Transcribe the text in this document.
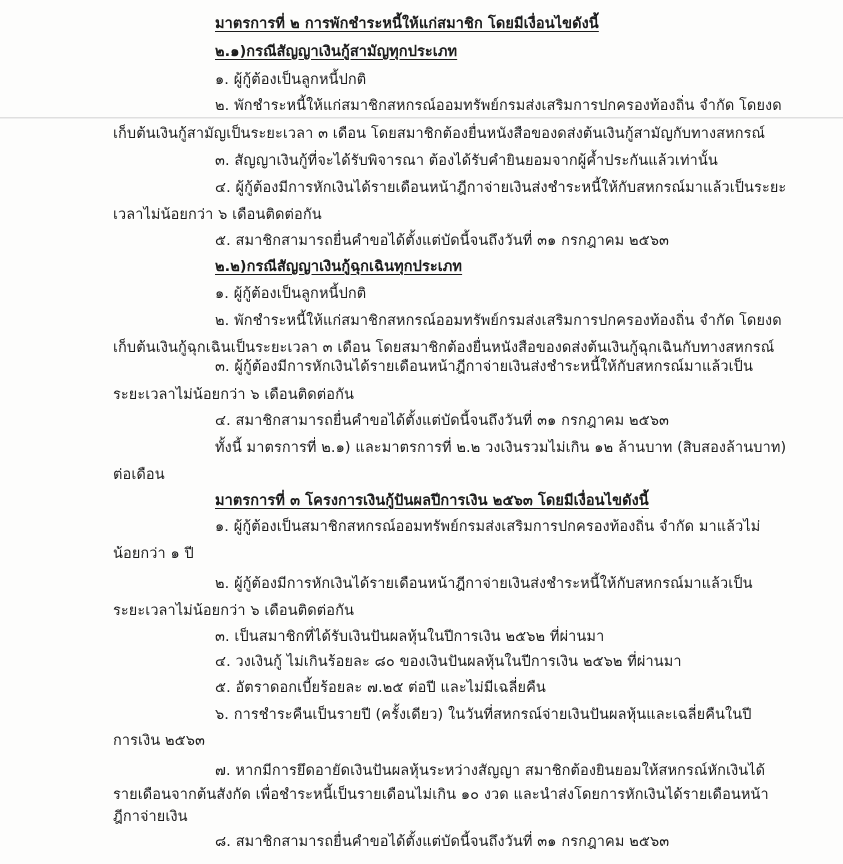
มาตรการที่ ๒ การพักชำระหนี้ให้แก่สมาชิก โดยมีเงื่อนไขดังนี้
๒.๑)กรณีสัญญาเงินกู้สามัญทุกประเภท
๑. ผู้กู้ต้องเป็นลูกหนี้ปกติ
๒. พักชำระหนี้ให้แก่สมาชิกสหกรณ์ออมทรัพย์กรมส่งเสริมการปกครองท้องถิ่น จำกัด โดยงด
เก็บต้นเงินกู้สามัญเป็นระยะเวลา ๓ เดือน โดยสมาชิกต้องยื่นหนังสือของดส่งต้นเงินกู้สามัญกับทางสหกรณ์
๓. สัญญาเงินกู้ที่จะได้รับพิจารณา ต้องได้รับคำยินยอมจากผู้ค้ำประกันแล้วเท่านั้น
๔. ผู้กู้ต้องมีการหักเงินได้รายเดือนหน้าฎีกาจ่ายเงินส่งชำระหนี้ให้กับสหกรณ์มาแล้วเป็นระยะ
เวลาไม่น้อยกว่า ๖ เดือนติดต่อกัน
๕. สมาชิกสามารถยื่นคำขอได้ตั้งแต่บัดนี้จนถึงวันที่ ๓๑ กรกฎาคม ๒๕๖๓
๒.๒)กรณีสัญญาเงินกู้ฉุกเฉินทุกประเภท
๑. ผู้กู้ต้องเป็นลูกหนี้ปกติ
๒. พักชำระหนี้ให้แก่สมาชิกสหกรณ์ออมทรัพย์กรมส่งเสริมการปกครองท้องถิ่น จำกัด โดยงด
เก็บต้นเงินกู้ฉุกเฉินเป็นระยะเวลา ๓ เดือน โดยสมาชิกต้องยื่นหนังสือของดส่งต้นเงินกู้ฉุกเฉินกับทางสหกรณ์
๓. ผู้กู้ต้องมีการหักเงินได้รายเดือนหน้าฎีกาจ่ายเงินส่งชำระหนี้ให้กับสหกรณ์มาแล้วเป็น
ระยะเวลาไม่น้อยกว่า ๖ เดือนติดต่อกัน
๔. สมาชิกสามารถยื่นคำขอได้ตั้งแต่บัดนี้จนถึงวันที่ ๓๑ กรกฎาคม ๒๕๖๓
ทั้งนี้ มาตรการที่ ๒.๑) และมาตรการที่ ๒.๒ วงเงินรวมไม่เกิน ๑๒ ล้านบาท (สิบสองล้านบาท)
ต่อเดือน
มาตรการที่ ๓ โครงการเงินกู้ปันผลปีการเงิน ๒๕๖๓ โดยมีเงื่อนไขดังนี้
๑. ผู้กู้ต้องเป็นสมาชิกสหกรณ์ออมทรัพย์กรมส่งเสริมการปกครองท้องถิ่น จำกัด มาแล้วไม่
น้อยกว่า ๑ ปี
๒. ผู้กู้ต้องมีการหักเงินได้รายเดือนหน้าฎีกาจ่ายเงินส่งชำระหนี้ให้กับสหกรณ์มาแล้วเป็น
ระยะเวลาไม่น้อยกว่า ๖ เดือนติดต่อกัน
๓. เป็นสมาชิกที่ได้รับเงินปันผลหุ้นในปีการเงิน ๒๕๖๒ ที่ผ่านมา
๔. วงเงินกู้ ไม่เกินร้อยละ ๘๐ ของเงินปันผลหุ้นในปีการเงิน ๒๕๖๒ ที่ผ่านมา
๕. อัตราดอกเบี้ยร้อยละ ๗.๒๕ ต่อปี และไม่มีเฉลี่ยคืน
๖. การชำระคืนเป็นรายปี (ครั้งเดียว) ในวันที่สหกรณ์จ่ายเงินปันผลหุ้นและเฉลี่ยคืนในปี
การเงิน ๒๕๖๓
๗. หากมีการยึดอายัดเงินปันผลหุ้นระหว่างสัญญา สมาชิกต้องยินยอมให้สหกรณ์หักเงินได้
รายเดือนจากต้นสังกัด เพื่อชำระหนี้เป็นรายเดือนไม่เกิน ๑๐ งวด และนำส่งโดยการหักเงินได้รายเดือนหน้า
ฎีกาจ่ายเงิน
๘. สมาชิกสามารถยื่นคำขอได้ตั้งแต่บัดนี้จนถึงวันที่ ๓๑ กรกฎาคม ๒๕๖๓
